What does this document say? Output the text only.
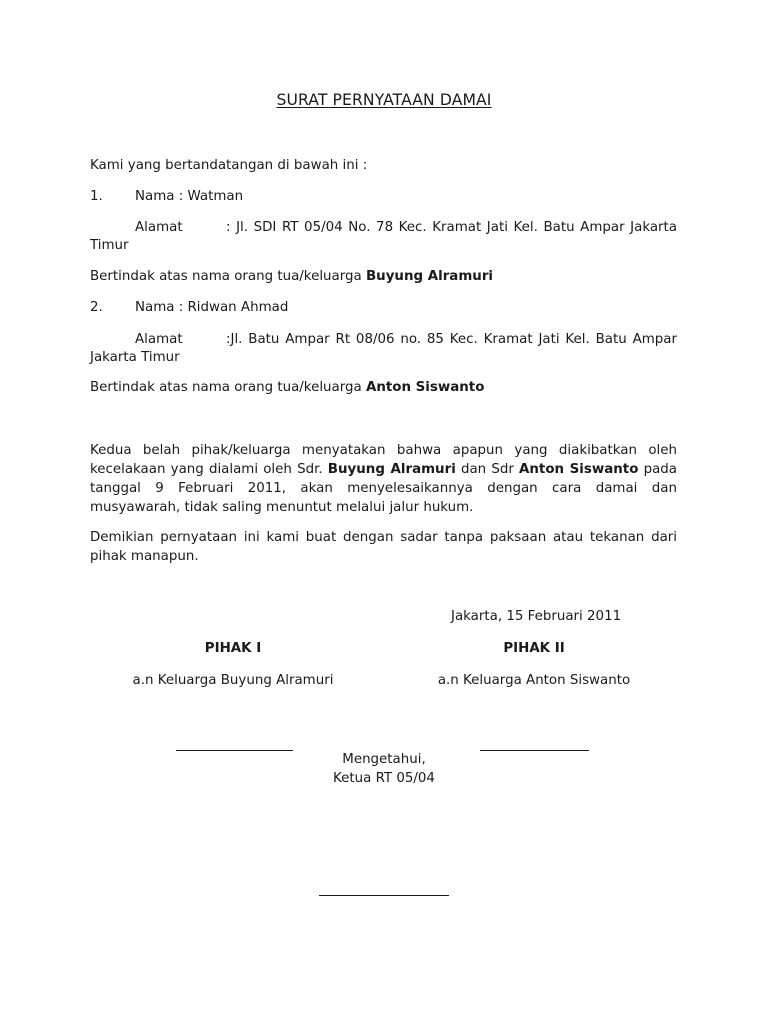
SURAT PERNYATAAN DAMAI
Kami yang bertandatangan di bawah ini :
1. Nama : Watman
Alamat	: Jl. SDI RT 05/04 No. 78 Kec. Kramat Jati Kel. Batu Ampar Jakarta
Timur
Bertindak atas nama orang tua/keluarga Buyung Alramuri
2. Nama : Ridwan Ahmad
Alamat	:Jl. Batu Ampar Rt 08/06 no. 85 Kec. Kramat Jati Kel. Batu Ampar
Jakarta Timur
Bertindak atas nama orang tua/keluarga Anton Siswanto
Kedua belah pihak/keluarga menyatakan bahwa apapun yang diakibatkan oleh kecelakaan yang dialami oleh Sdr. Buyung Alramuri dan Sdr Anton Siswanto pada tanggal 9 Februari 2011, akan menyelesaikannya dengan cara damai dan musyawarah, tidak saling menuntut melalui jalur hukum.
Demikian pernyataan ini kami buat dengan sadar tanpa paksaan atau tekanan dari pihak manapun.
Jakarta, 15 Februari 2011
PIHAK I	PIHAK II
a.n Keluarga Buyung Alramuri	a.n Keluarga Anton Siswanto
Mengetahui,
Ketua RT 05/04
